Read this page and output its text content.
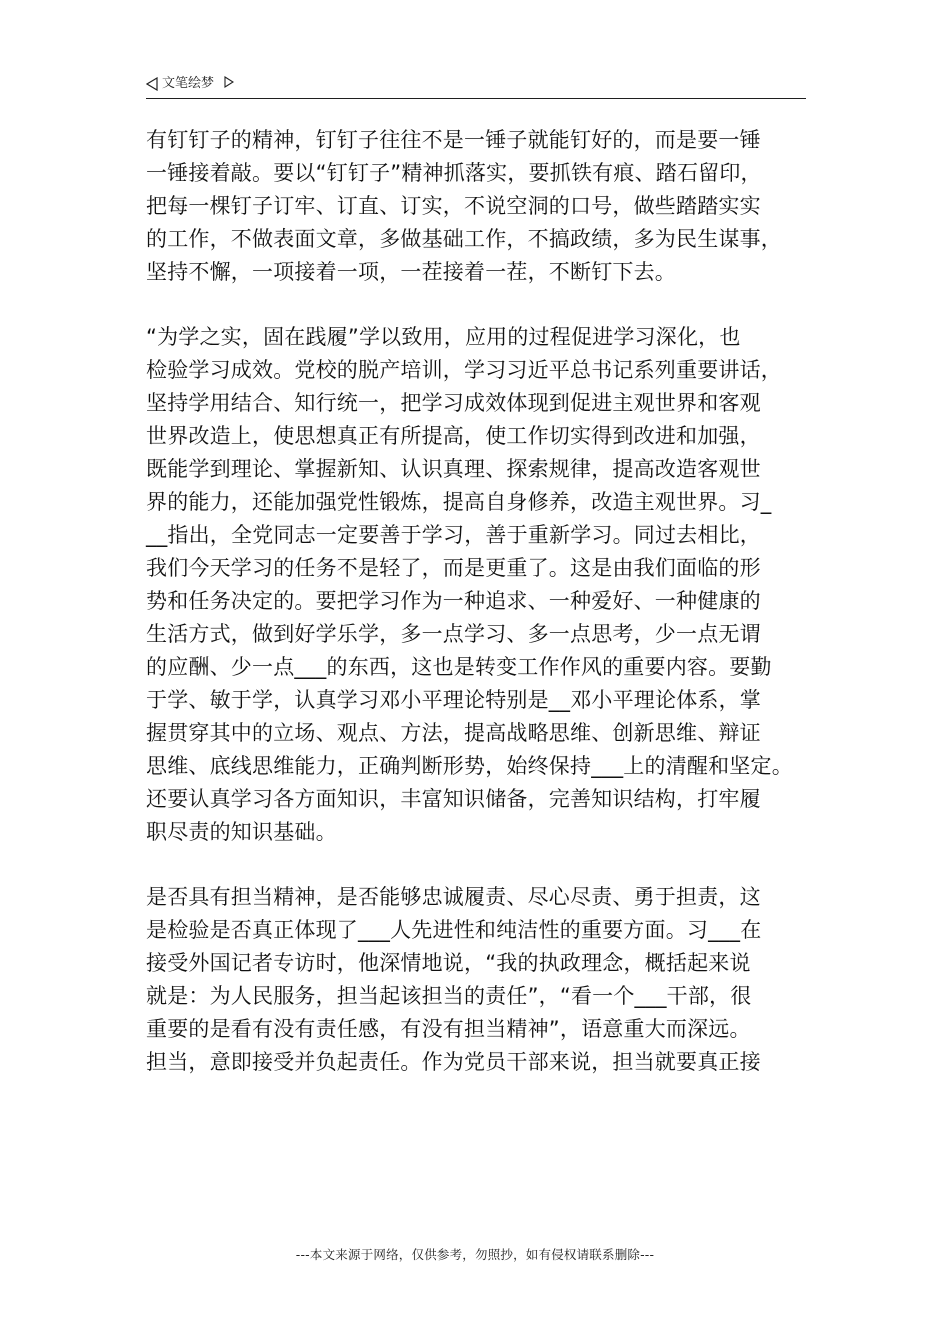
文笔绘梦
有钉钉子的精神，钉钉子往往不是一锤子就能钉好的，而是要一锤
一锤接着敲。要以“钉钉子”精神抓落实，要抓铁有痕、踏石留印，
把每一棵钉子订牢、订直、订实，不说空洞的口号，做些踏踏实实
的工作，不做表面文章，多做基础工作，不搞政绩，多为民生谋事，
坚持不懈，一项接着一项，一茬接着一茬，不断钉下去。
“为学之实，固在践履”学以致用，应用的过程促进学习深化，也
检验学习成效。党校的脱产培训，学习习近平总书记系列重要讲话，
坚持学用结合、知行统一，把学习成效体现到促进主观世界和客观
世界改造上，使思想真正有所提高，使工作切实得到改进和加强，
既能学到理论、掌握新知、认识真理、探索规律，提高改造客观世
界的能力，还能加强党性锻炼，提高自身修养，改造主观世界。习_
__指出，全党同志一定要善于学习，善于重新学习。同过去相比，
我们今天学习的任务不是轻了，而是更重了。这是由我们面临的形
势和任务决定的。要把学习作为一种追求、一种爱好、一种健康的
生活方式，做到好学乐学，多一点学习、多一点思考，少一点无谓
的应酬、少一点___的东西，这也是转变工作作风的重要内容。要勤
于学、敏于学，认真学习邓小平理论特别是__邓小平理论体系，掌
握贯穿其中的立场、观点、方法，提高战略思维、创新思维、辩证
思维、底线思维能力，正确判断形势，始终保持___上的清醒和坚定。
还要认真学习各方面知识，丰富知识储备，完善知识结构，打牢履
职尽责的知识基础。
是否具有担当精神，是否能够忠诚履责、尽心尽责、勇于担责，这
是检验是否真正体现了___人先进性和纯洁性的重要方面。习___在
接受外国记者专访时，他深情地说，“我的执政理念，概括起来说
就是：为人民服务，担当起该担当的责任”，“看一个___干部，很
重要的是看有没有责任感，有没有担当精神”，语意重大而深远。
担当，意即接受并负起责任。作为党员干部来说，担当就要真正接
---本文来源于网络，仅供参考，勿照抄，如有侵权请联系删除---
